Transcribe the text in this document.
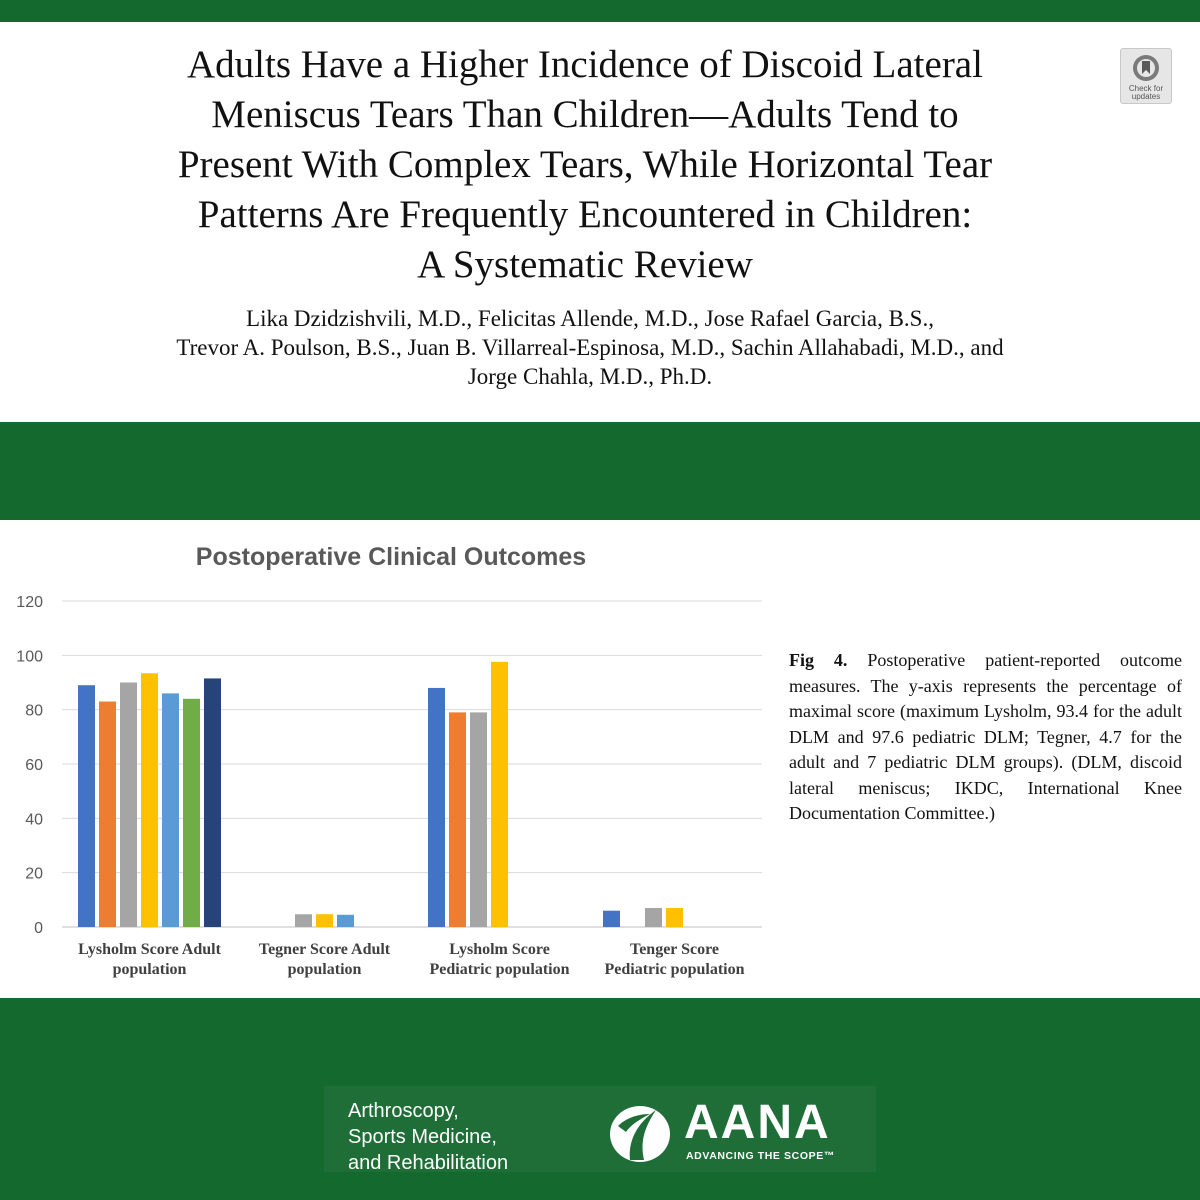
Adults Have a Higher Incidence of Discoid Lateral
Meniscus Tears Than Children—Adults Tend to
Present With Complex Tears, While Horizontal Tear
Patterns Are Frequently Encountered in Children:
A Systematic Review

Lika Dzidzishvili, M.D., Felicitas Allende, M.D., Jose Rafael Garcia, B.S.,
Trevor A. Poulson, B.S., Juan B. Villarreal-Espinosa, M.D., Sachin Allahabadi, M.D., and
Jorge Chahla, M.D., Ph.D.

Check for updates
Postoperative Clinical Outcomes
0
20
40
60
80
100
120
Lysholm Score Adult
population
Tegner Score Adult
population
Lysholm Score
Pediatric population
Tenger Score
Pediatric population

Fig 4. Postoperative patient-reported outcome measures. The y-axis represents the percentage of maximal score (maximum Lysholm, 93.4 for the adult DLM and 97.6 pediatric DLM; Tegner, 4.7 for the adult and 7 pediatric DLM groups). (DLM, discoid lateral meniscus; IKDC, International Knee Documentation Committee.)

Arthroscopy,
Sports Medicine,
and Rehabilitation

AANA
ADVANCING THE SCOPE™
